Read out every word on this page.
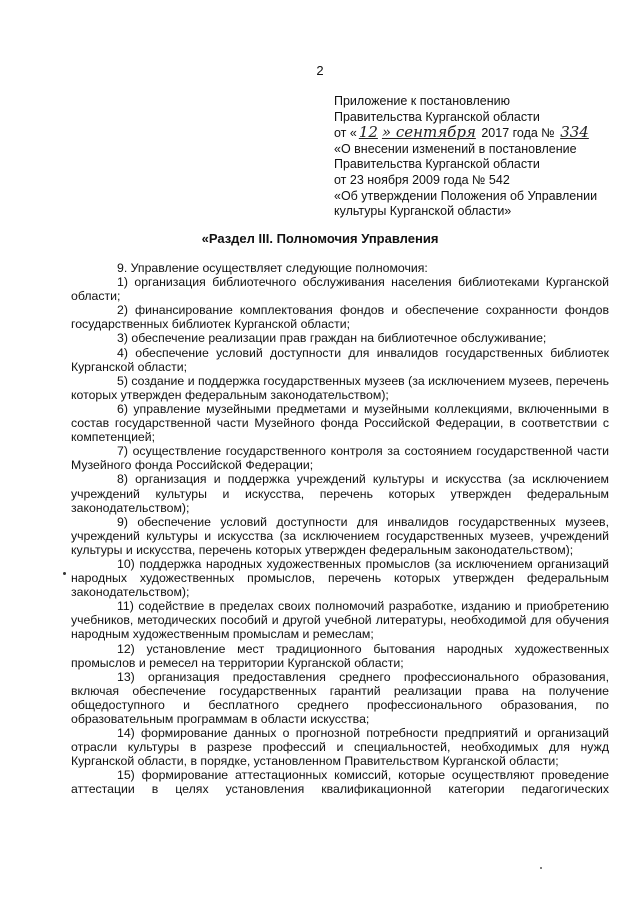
2
Приложение к постановлению
Правительства Курганской области
от « 12 » сентября 2017 года № 334
«О внесении изменений в постановление
Правительства Курганской области
от 23 ноября 2009 года № 542
«Об утверждении Положения об Управлении
культуры Курганской области»
«Раздел III. Полномочия Управления

9. Управление осуществляет следующие полномочия:

1) организация библиотечного обслуживания населения библиотеками Курганской области;

2) финансирование комплектования фондов и обеспечение сохранности фондов государственных библиотек Курганской области;

3) обеспечение реализации прав граждан на библиотечное обслуживание;

4) обеспечение условий доступности для инвалидов государственных библиотек Курганской области;

5) создание и поддержка государственных музеев (за исключением музеев, перечень которых утвержден федеральным законодательством);

6) управление музейными предметами и музейными коллекциями, включенными в состав государственной части Музейного фонда Российской Федерации, в соответствии с компетенцией;

7) осуществление государственного контроля за состоянием государственной части Музейного фонда Российской Федерации;

8) организация и поддержка учреждений культуры и искусства (за исключением учреждений культуры и искусства, перечень которых утвержден федеральным законодательством);

9) обеспечение условий доступности для инвалидов государственных музеев, учреждений культуры и искусства (за исключением государственных музеев, учреждений культуры и искусства, перечень которых утвержден федеральным законодательством);

10) поддержка народных художественных промыслов (за исключением организаций народных художественных промыслов, перечень которых утвержден федеральным законодательством);

11) содействие в пределах своих полномочий разработке, изданию и приобретению учебников, методических пособий и другой учебной литературы, необходимой для обучения народным художественным промыслам и ремеслам;

12) установление мест традиционного бытования народных художественных промыслов и ремесел на территории Курганской области;

13) организация предоставления среднего профессионального образования, включая обеспечение государственных гарантий реализации права на получение общедоступного и бесплатного среднего профессионального образования, по образовательным программам в области искусства;

14) формирование данных о прогнозной потребности предприятий и организаций отрасли культуры в разрезе профессий и специальностей, необходимых для нужд Курганской области, в порядке, установленном Правительством Курганской области;

15) формирование аттестационных комиссий, которые осуществляют проведение аттестации в целях установления квалификационной категории педагогических
